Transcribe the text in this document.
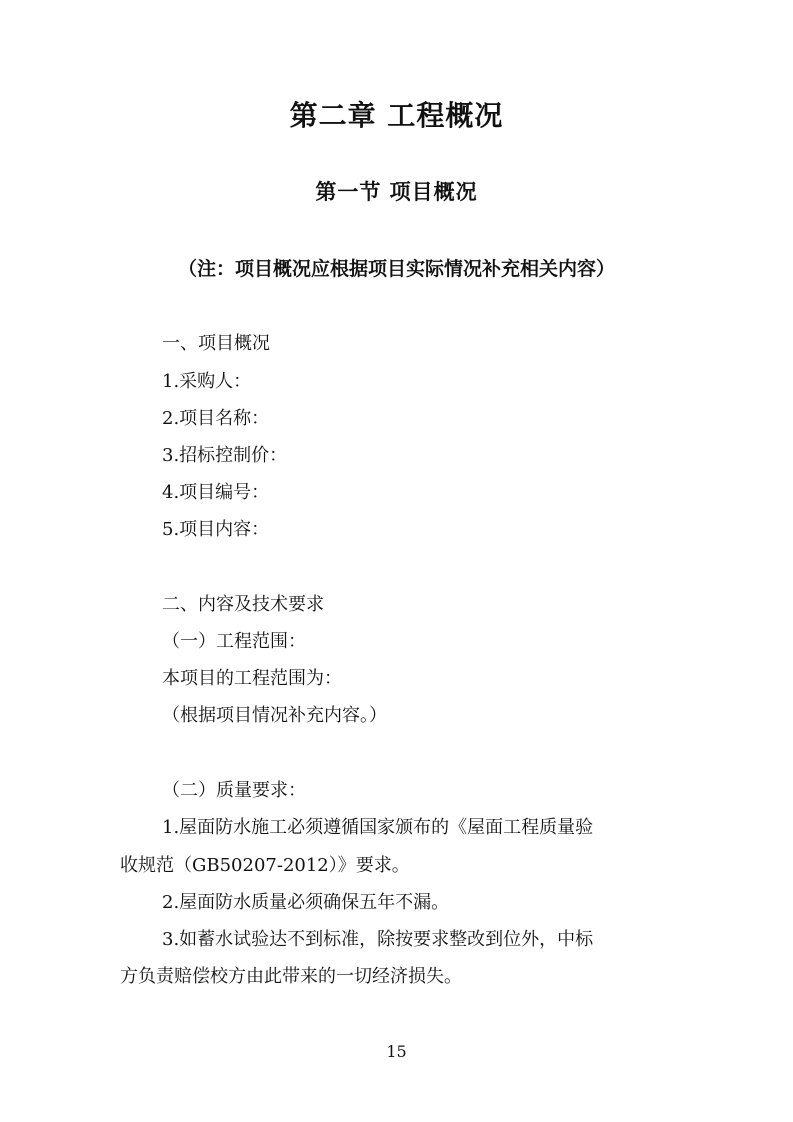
第二章 工程概况
第一节 项目概况
（注：项目概况应根据项目实际情况补充相关内容）
一、项目概况
1.采购人：
2.项目名称：
3.招标控制价：
4.项目编号：
5.项目内容：
二、内容及技术要求
（一）工程范围：
本项目的工程范围为：
（根据项目情况补充内容。）
（二）质量要求：
1.屋面防水施工必须遵循国家颁布的《屋面工程质量验
收规范（GB50207-2012）》要求。
2.屋面防水质量必须确保五年不漏。
3.如蓄水试验达不到标准，除按要求整改到位外，中标
方负责赔偿校方由此带来的一切经济损失。
15
